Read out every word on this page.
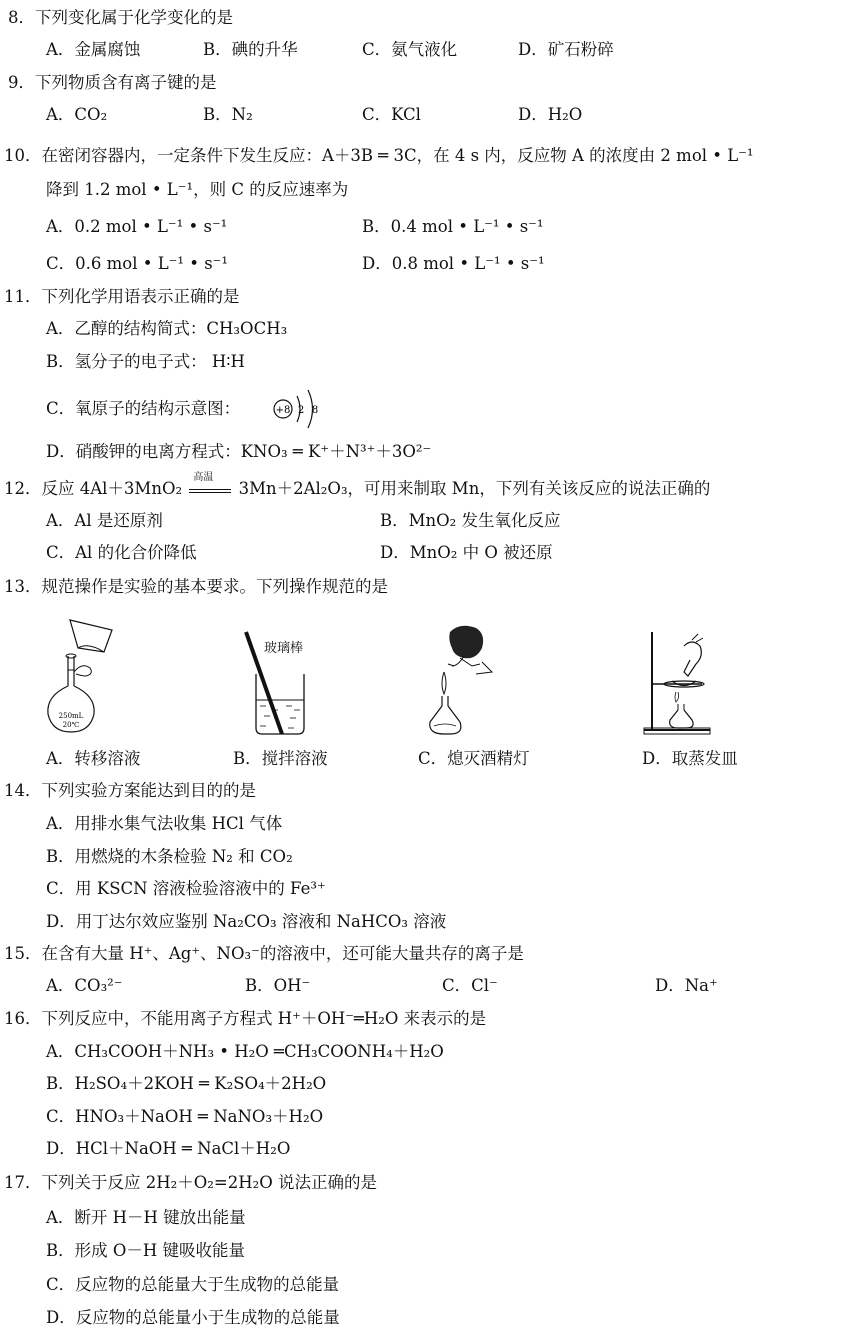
8．下列变化属于化学变化的是
A．金属腐蚀	B．碘的升华	C．氨气液化	D．矿石粉碎
9．下列物质含有离子键的是
A．CO₂	B．N₂	C．KCl	D．H₂O
10．在密闭容器内，一定条件下发生反应：A＋3B ═ 3C，在 4 s 内，反应物 A 的浓度由 2 mol • L⁻¹
降到 1.2 mol • L⁻¹，则 C 的反应速率为
A．0.2 mol • L⁻¹ • s⁻¹	B．0.4 mol • L⁻¹ • s⁻¹
C．0.6 mol • L⁻¹ • s⁻¹	D．0.8 mol • L⁻¹ • s⁻¹
11．下列化学用语表示正确的是
A．乙醇的结构简式：CH₃OCH₃
B．氢分子的电子式： H∶H
C．氧原子的结构示意图：	+8 2 8
D．硝酸钾的电离方程式：KNO₃ ═ K⁺＋N³⁺＋3O²⁻
12．反应 4Al＋3MnO₂
高温
3Mn＋2Al₂O₃，可用来制取 Mn，下列有关该反应的说法正确的
A．Al 是还原剂	B．MnO₂ 发生氧化反应
C．Al 的化合价降低	D．MnO₂ 中 O 被还原
13．规范操作是实验的基本要求。下列操作规范的是
250mL
20℃
玻璃棒
A．转移溶液	B．搅拌溶液	C．熄灭酒精灯	D．取蒸发皿
14．下列实验方案能达到目的的是
A．用排水集气法收集 HCl 气体
B．用燃烧的木条检验 N₂ 和 CO₂
C．用 KSCN 溶液检验溶液中的 Fe³⁺
D．用丁达尔效应鉴别 Na₂CO₃ 溶液和 NaHCO₃ 溶液
15．在含有大量 H⁺、Ag⁺、NO₃⁻的溶液中，还可能大量共存的离子是
A．CO₃²⁻	B．OH⁻	C．Cl⁻	D．Na⁺
16．下列反应中，不能用离子方程式 H⁺＋OH⁻═H₂O 来表示的是
A．CH₃COOH＋NH₃ • H₂O ═CH₃COONH₄＋H₂O
B．H₂SO₄＋2KOH ═ K₂SO₄＋2H₂O
C．HNO₃＋NaOH ═ NaNO₃＋H₂O
D．HCl＋NaOH ═ NaCl＋H₂O
17．下列关于反应 2H₂＋O₂=2H₂O 说法正确的是
A．断开 H－H 键放出能量
B．形成 O－H 键吸收能量
C．反应物的总能量大于生成物的总能量
D．反应物的总能量小于生成物的总能量
